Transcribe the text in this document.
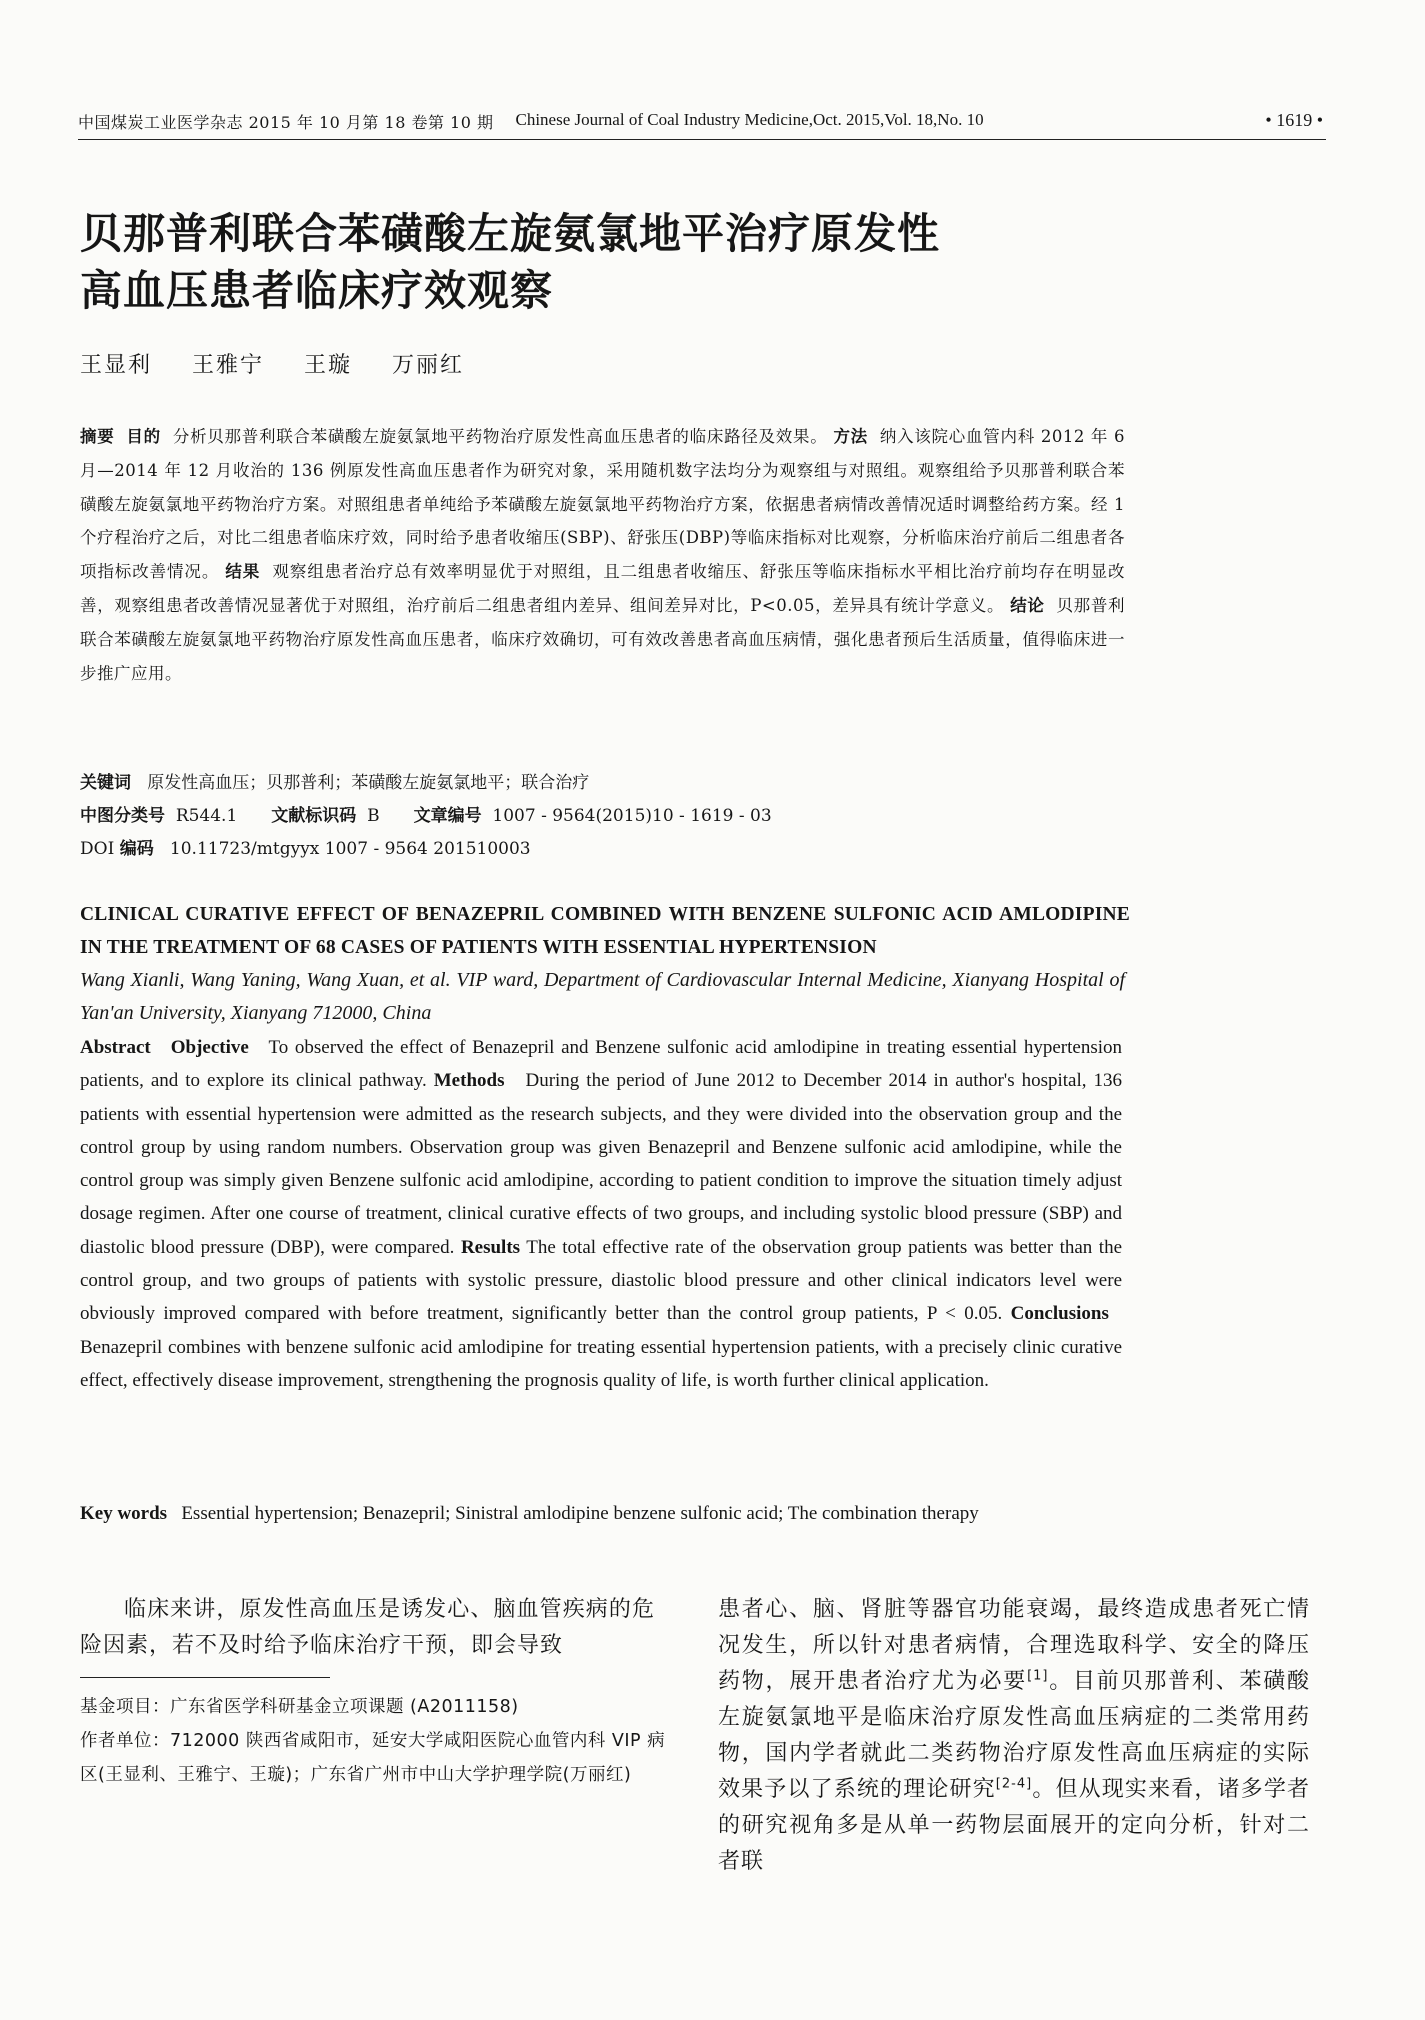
中国煤炭工业医学杂志 2015 年 10 月第 18 卷第 10 期 Chinese Journal of Coal Industry Medicine,Oct. 2015,Vol. 18,No. 10	• 1619 •
贝那普利联合苯磺酸左旋氨氯地平治疗原发性
高血压患者临床疗效观察
王显利 王雅宁 王璇 万丽红
摘要 目的 分析贝那普利联合苯磺酸左旋氨氯地平药物治疗原发性高血压患者的临床路径及效果。 方法 纳入该院心血管内科 2012 年 6 月—2014 年 12 月收治的 136 例原发性高血压患者作为研究对象，采用随机数字法均分为观察组与对照组。观察组给予贝那普利联合苯磺酸左旋氨氯地平药物治疗方案。对照组患者单纯给予苯磺酸左旋氨氯地平药物治疗方案，依据患者病情改善情况适时调整给药方案。经 1 个疗程治疗之后，对比二组患者临床疗效，同时给予患者收缩压(SBP)、舒张压(DBP)等临床指标对比观察，分析临床治疗前后二组患者各项指标改善情况。 结果 观察组患者治疗总有效率明显优于对照组，且二组患者收缩压、舒张压等临床指标水平相比治疗前均存在明显改善，观察组患者改善情况显著优于对照组，治疗前后二组患者组内差异、组间差异对比，P<0.05，差异具有统计学意义。 结论 贝那普利联合苯磺酸左旋氨氯地平药物治疗原发性高血压患者，临床疗效确切，可有效改善患者高血压病情，强化患者预后生活质量，值得临床进一步推广应用。
关键词 原发性高血压；贝那普利；苯磺酸左旋氨氯地平；联合治疗
中图分类号 R544.1 文献标识码 B 文章编号 1007 - 9564(2015)10 - 1619 - 03
DOI 编码 10.11723/mtgyyx 1007 - 9564 201510003
CLINICAL CURATIVE EFFECT OF BENAZEPRIL COMBINED WITH BENZENE SULFONIC ACID AMLODIPINE IN THE TREATMENT OF 68 CASES OF PATIENTS WITH ESSENTIAL HYPERTENSION
Wang Xianli, Wang Yaning, Wang Xuan, et al. VIP ward, Department of Cardiovascular Internal Medicine, Xianyang Hospital of Yan'an University, Xianyang 712000, China
Abstract Objective To observed the effect of Benazepril and Benzene sulfonic acid amlodipine in treating essential hypertension patients, and to explore its clinical pathway. Methods During the period of June 2012 to December 2014 in author's hospital, 136 patients with essential hypertension were admitted as the research subjects, and they were divided into the observation group and the control group by using random numbers. Observation group was given Benazepril and Benzene sulfonic acid amlodipine, while the control group was simply given Benzene sulfonic acid amlodipine, according to patient condition to improve the situation timely adjust dosage regimen. After one course of treatment, clinical curative effects of two groups, and including systolic blood pressure (SBP) and diastolic blood pressure (DBP), were compared. Results The total effective rate of the observation group patients was better than the control group, and two groups of patients with systolic pressure, diastolic blood pressure and other clinical indicators level were obviously improved compared with before treatment, significantly better than the control group patients, P < 0.05. Conclusions   Benazepril combines with benzene sulfonic acid amlodipine for treating essential hypertension patients, with a precisely clinic curative effect, effectively disease improvement, strengthening the prognosis quality of life, is worth further clinical application.
Key words Essential hypertension; Benazepril; Sinistral amlodipine benzene sulfonic acid; The combination therapy

临床来讲，原发性高血压是诱发心、脑血管疾病的危险因素，若不及时给予临床治疗干预，即会导致

基金项目：广东省医学科研基金立项课题 (A2011158)
作者单位：712000 陕西省咸阳市，延安大学咸阳医院心血管内科 VIP 病区(王显利、王雅宁、王璇)；广东省广州市中山大学护理学院(万丽红)

患者心、脑、肾脏等器官功能衰竭，最终造成患者死亡情况发生，所以针对患者病情，合理选取科学、安全的降压药物，展开患者治疗尤为必要[1]。目前贝那普利、苯磺酸左旋氨氯地平是临床治疗原发性高血压病症的二类常用药物，国内学者就此二类药物治疗原发性高血压病症的实际效果予以了系统的理论研究[2-4]。但从现实来看，诸多学者的研究视角多是从单一药物层面展开的定向分析，针对二者联
